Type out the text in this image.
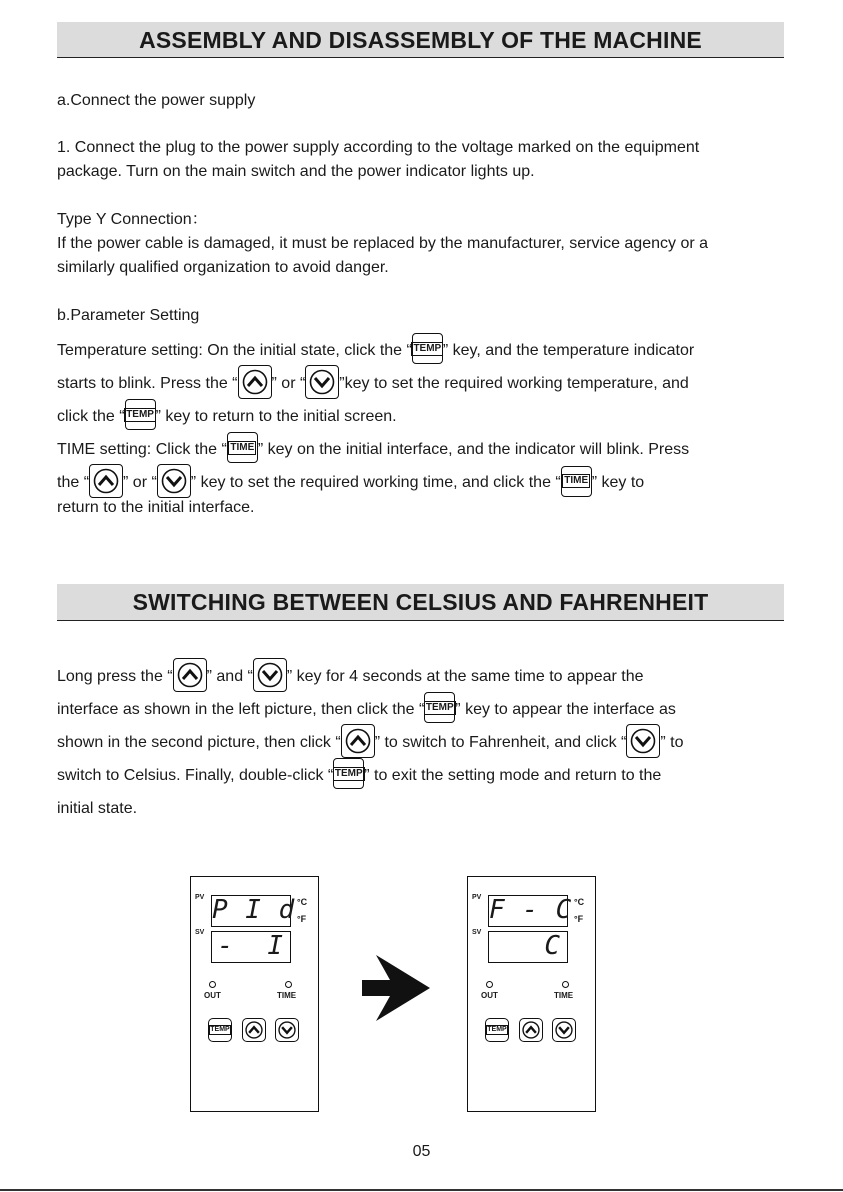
ASSEMBLY AND DISASSEMBLY OF THE MACHINE

a.Connect the power supply

1. Connect the plug to the power supply according to the voltage marked on the equipment

package. Turn on the main switch and the power indicator lights up.

Type Y Connection：

If the power cable is damaged, it must be replaced by the manufacturer, service agency or a

similarly qualified organization to avoid danger.

b.Parameter Setting

Temperature setting: On the initial state, click the “ TEMP ” key, and the temperature indicator

starts to blink. Press the “ ” or “ ”key to set the required working temperature, and

click the “ TEMP ” key to return to the initial screen.

TIME setting: Click the “ TIME ” key on the initial interface, and the indicator will blink. Press

the “ ” or “ ” key to set the required working time, and click the “ TIME ” key to

return to the initial interface.

SWITCHING BETWEEN CELSIUS AND FAHRENHEIT

Long press the “ ” and “ ” key for 4 seconds at the same time to appear the

interface as shown in the left picture, then click the “ TEMP ” key to appear the interface as

shown in the second picture, then click “ ” to switch to Fahrenheit, and click “ ” to

switch to Celsius. Finally, double-click “ TEMP ” to exit the setting mode and return to the

initial state.

PV
SV
P I d
-  I
°C
°F
OUT	TIME
TEMP
PV
SV
F - C
C
°C
°F
OUT	TIME
TEMP
05
